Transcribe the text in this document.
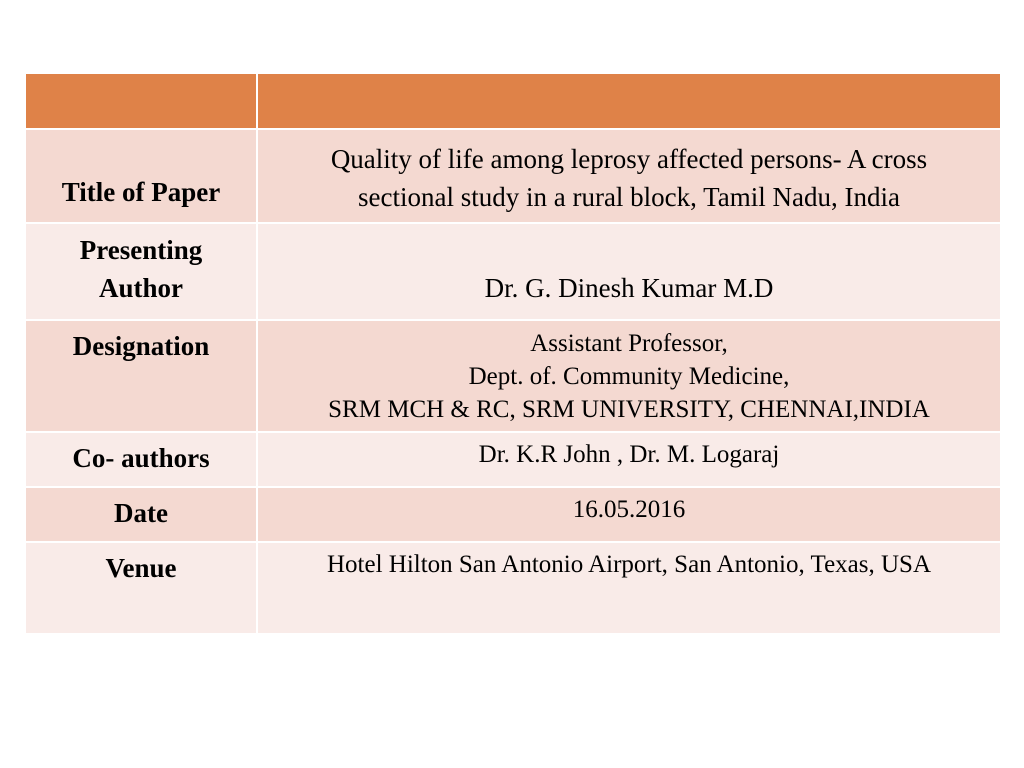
Title of Paper	Quality of life among leprosy affected persons- A cross
sectional study in a rural block, Tamil Nadu, India

Presenting
Author	Dr. G. Dinesh Kumar M.D

Designation	Assistant Professor,
Dept. of. Community Medicine,
SRM MCH & RC, SRM UNIVERSITY, CHENNAI,INDIA

Co- authors	Dr. K.R John , Dr. M. Logaraj

Date	16.05.2016

Venue	Hotel Hilton San Antonio Airport, San Antonio, Texas, USA
